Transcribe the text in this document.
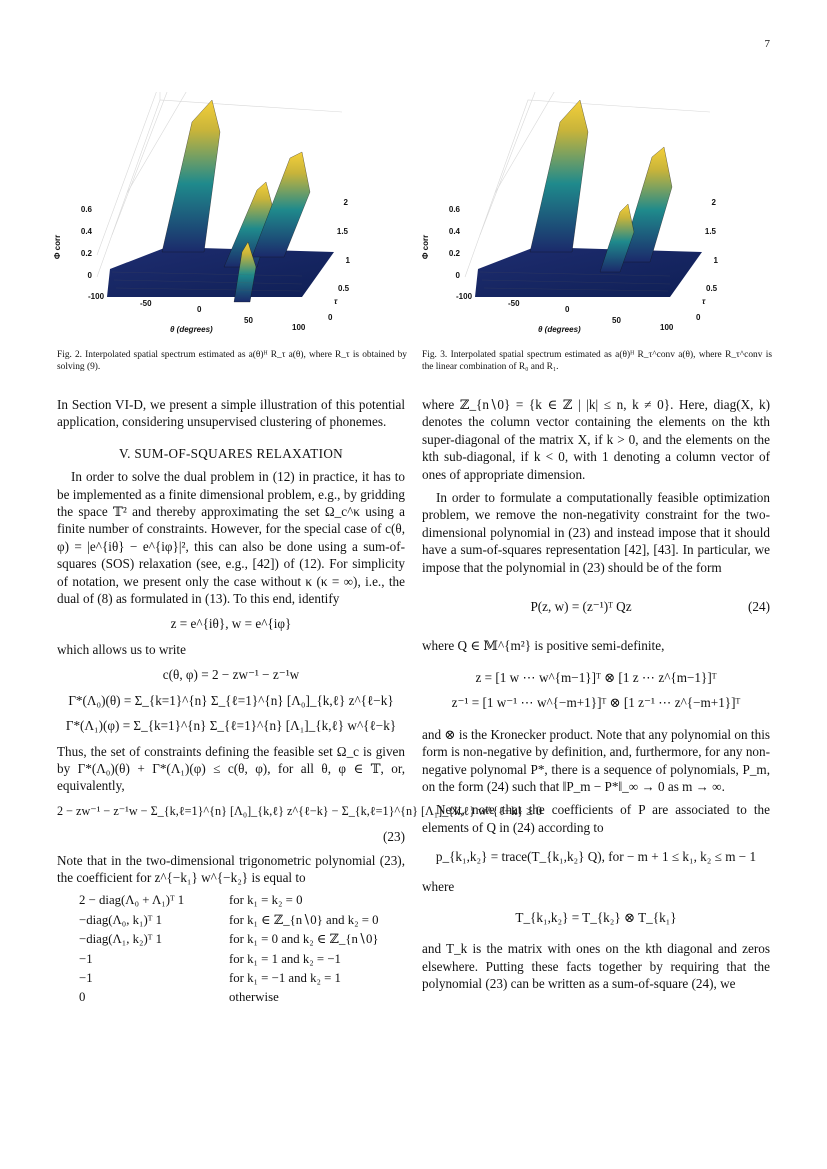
7
0.6
0.4
0.2
0
Φ corr
-100
-50
0
50
100
θ (degrees)
0
0.5
1
1.5
2
τ
0.6
0.4
0.2
0
Φ corr
-100
-50
0
50
100
θ (degrees)
0
0.5
1
1.5
2
τ
Fig. 2. Interpolated spatial spectrum estimated as a(θ)ᴴ R_τ a(θ), where R_τ is obtained by solving (9).
Fig. 3. Interpolated spatial spectrum estimated as a(θ)ᴴ R_τ^conv a(θ), where R_τ^conv is the linear combination of R₀ and R₁.

In Section VI-D, we present a simple illustration of this potential application, considering unsupervised clustering of phonemes.

V. SUM-OF-SQUARES RELAXATION

In order to solve the dual problem in (12) in practice, it has to be implemented as a finite dimensional problem, e.g., by gridding the space 𝕋² and thereby approximating the set Ω_c^κ using a finite number of constraints. However, for the special case of c(θ, φ) = |e^{iθ} − e^{iφ}|², this can also be done using a sum-of-squares (SOS) relaxation (see, e.g., [42]) of (12). For simplicity of notation, we present only the case without κ (κ = ∞), i.e., the dual of (8) as formulated in (13). To this end, identify

z = e^{iθ}, w = e^{iφ}

which allows us to write

c(θ, φ) = 2 − zw⁻¹ − z⁻¹w
Γ*(Λ₀)(θ) = Σ_{k=1}^{n} Σ_{ℓ=1}^{n} [Λ₀]_{k,ℓ} z^{ℓ−k}
Γ*(Λ₁)(φ) = Σ_{k=1}^{n} Σ_{ℓ=1}^{n} [Λ₁]_{k,ℓ} w^{ℓ−k}

Thus, the set of constraints defining the feasible set Ω_c is given by Γ*(Λ₀)(θ) + Γ*(Λ₁)(φ) ≤ c(θ, φ), for all θ, φ ∈ 𝕋, or, equivalently,

2 − zw⁻¹ − z⁻¹w − Σ_{k,ℓ=1}^{n} [Λ₀]_{k,ℓ} z^{ℓ−k} − Σ_{k,ℓ=1}^{n} [Λ₁]_{k,ℓ} w^{ℓ−k} ≥ 0
(23)

Note that in the two-dimensional trigonometric polynomial (23), the coefficient for z^{−k₁} w^{−k₂} is equal to

2 − diag(Λ₀ + Λ₁)ᵀ 1	for k₁ = k₂ = 0
−diag(Λ₀, k₁)ᵀ 1	for k₁ ∈ ℤ_{n∖0} and k₂ = 0
−diag(Λ₁, k₂)ᵀ 1	for k₁ = 0 and k₂ ∈ ℤ_{n∖0}
−1	for k₁ = 1 and k₂ = −1
−1	for k₁ = −1 and k₂ = 1
0	otherwise

where ℤ_{n∖0} = {k ∈ ℤ | |k| ≤ n, k ≠ 0}. Here, diag(X, k) denotes the column vector containing the elements on the kth super-diagonal of the matrix X, if k > 0, and the elements on the kth sub-diagonal, if k < 0, with 1 denoting a column vector of ones of appropriate dimension.

In order to formulate a computationally feasible optimization problem, we remove the non-negativity constraint for the two-dimensional polynomial in (23) and instead impose that it should have a sum-of-squares representation [42], [43]. In particular, we impose that the polynomial in (23) should be of the form

P(z, w) = (z⁻¹)ᵀ Qz	(24)

where Q ∈ 𝕄^{m²} is positive semi-definite,

z = [1 w ⋯ w^{m−1}]ᵀ ⊗ [1 z ⋯ z^{m−1}]ᵀ
z⁻¹ = [1 w⁻¹ ⋯ w^{−m+1}]ᵀ ⊗ [1 z⁻¹ ⋯ z^{−m+1}]ᵀ

and ⊗ is the Kronecker product. Note that any polynomial on this form is non-negative by definition, and, furthermore, for any non-negative polynomal P*, there is a sequence of polynomials, P_m, on the form (24) such that ‖P_m − P*‖_∞ → 0 as m → ∞.

Next, note that the coefficients of P are associated to the elements of Q in (24) according to

p_{k₁,k₂} = trace(T_{k₁,k₂} Q), for − m + 1 ≤ k₁, k₂ ≤ m − 1

where

T_{k₁,k₂} = T_{k₂} ⊗ T_{k₁}

and T_k is the matrix with ones on the kth diagonal and zeros elsewhere. Putting these facts together by requiring that the polynomial (23) can be written as a sum-of-square (24), we
